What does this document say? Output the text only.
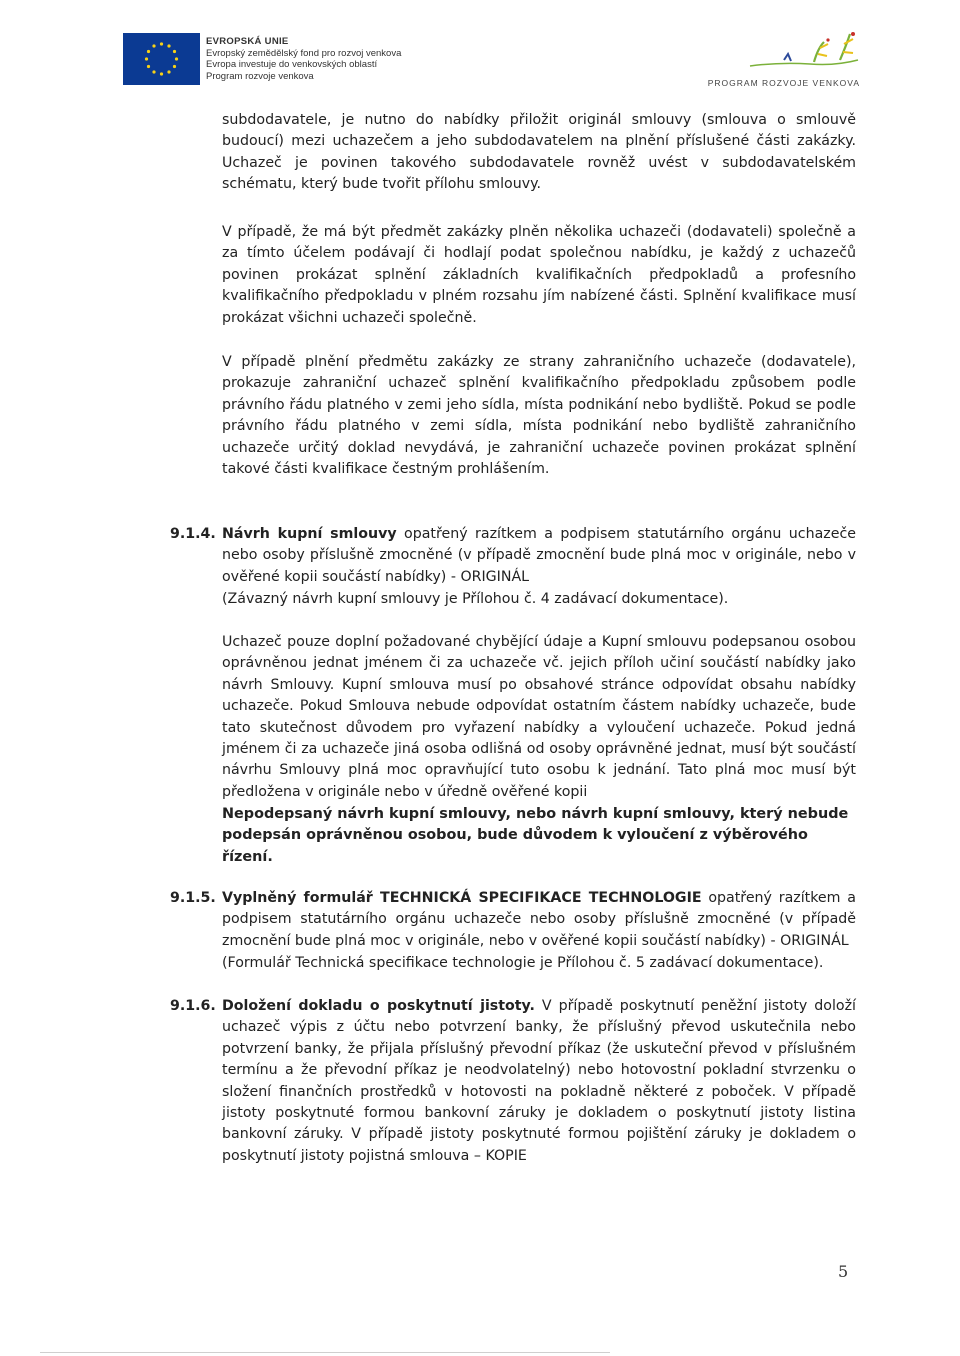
EVROPSKÁ UNIE
Evropský zemědělský fond pro rozvoj venkova
Evropa investuje do venkovských oblastí
Program rozvoje venkova
PROGRAM ROZVOJE VENKOVA

subdodavatele, je nutno do nabídky přiložit originál smlouvy (smlouva o smlouvě budoucí) mezi uchazečem a jeho subdodavatelem na plnění příslušené části zakázky. Uchazeč je povinen takového subdodavatele rovněž uvést v subdodavatelském schématu, který bude tvořit přílohu smlouvy.

V případě, že má být předmět zakázky plněn několika uchazeči (dodavateli) společně a za tímto účelem podávají či hodlají podat společnou nabídku, je každý z uchazečů povinen prokázat splnění základních kvalifikačních předpokladů a profesního kvalifikačního předpokladu v plném rozsahu jím nabízené části. Splnění kvalifikace musí prokázat všichni uchazeči společně.

V případě plnění předmětu zakázky ze strany zahraničního uchazeče (dodavatele), prokazuje zahraniční uchazeč splnění kvalifikačního předpokladu způsobem podle právního řádu platného v zemi jeho sídla, místa podnikání nebo bydliště. Pokud se podle právního řádu platného v zemi sídla, místa podnikání nebo bydliště zahraničního uchazeče určitý doklad nevydává, je zahraniční uchazeče povinen prokázat splnění takové části kvalifikace čestným prohlášením.

9.1.4. Návrh kupní smlouvy opatřený razítkem a podpisem statutárního orgánu uchazeče nebo osoby příslušně zmocněné (v případě zmocnění bude plná moc v originále, nebo v ověřené kopii součástí nabídky) - ORIGINÁL

(Závazný návrh kupní smlouvy je Přílohou č. 4 zadávací dokumentace).

Uchazeč pouze doplní požadované chybějící údaje a Kupní smlouvu podepsanou osobou oprávněnou jednat jménem či za uchazeče vč. jejich příloh učiní součástí nabídky jako návrh Smlouvy. Kupní smlouva musí po obsahové stránce odpovídat obsahu nabídky uchazeče. Pokud Smlouva nebude odpovídat ostatním částem nabídky uchazeče, bude tato skutečnost důvodem pro vyřazení nabídky a vyloučení uchazeče. Pokud jedná jménem či za uchazeče jiná osoba odlišná od osoby oprávněné jednat, musí být součástí návrhu Smlouvy plná moc opravňující tuto osobu k jednání. Tato plná moc musí být předložena v originále nebo v úředně ověřené kopii

Nepodepsaný návrh kupní smlouvy, nebo návrh kupní smlouvy, který nebude podepsán oprávněnou osobou, bude důvodem k vyloučení z výběrového řízení.

9.1.5. Vyplněný formulář TECHNICKÁ SPECIFIKACE TECHNOLOGIE opatřený razítkem a podpisem statutárního orgánu uchazeče nebo osoby příslušně zmocněné (v případě zmocnění bude plná moc v originále, nebo v ověřené kopii součástí nabídky) - ORIGINÁL

(Formulář Technická specifikace technologie je Přílohou č. 5 zadávací dokumentace).

9.1.6. Doložení dokladu o poskytnutí jistoty. V případě poskytnutí peněžní jistoty doloží uchazeč výpis z účtu nebo potvrzení banky, že příslušný převod uskutečnila nebo potvrzení banky, že přijala příslušný převodní příkaz (že uskuteční převod v příslušném termínu a že převodní příkaz je neodvolatelný) nebo hotovostní pokladní stvrzenku o složení finančních prostředků v hotovosti na pokladně některé z poboček. V případě jistoty poskytnuté formou bankovní záruky je dokladem o poskytnutí jistoty listina bankovní záruky. V případě jistoty poskytnuté formou pojištění záruky je dokladem o poskytnutí jistoty pojistná smlouva – KOPIE

5
